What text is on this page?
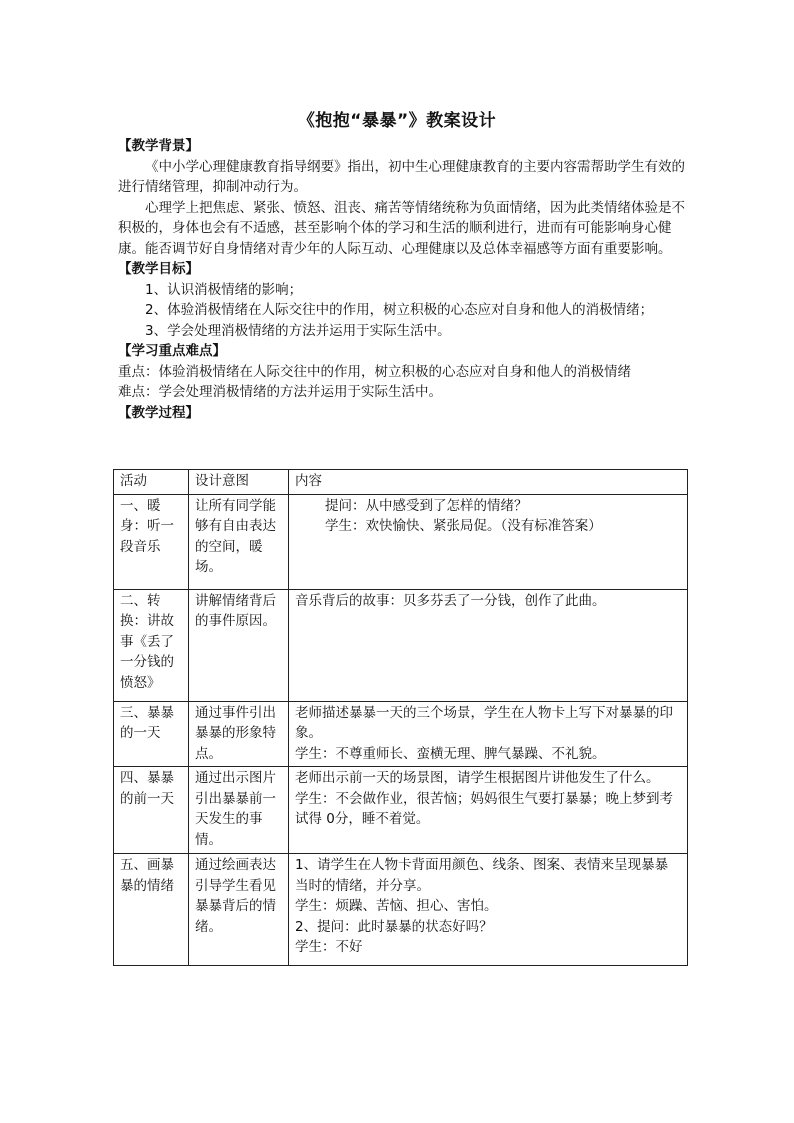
《抱抱“暴暴”》教案设计

【教学背景】

《中小学心理健康教育指导纲要》指出，初中生心理健康教育的主要内容需帮助学生有效的进行情绪管理，抑制冲动行为。

心理学上把焦虑、紧张、愤怒、沮丧、痛苦等情绪统称为负面情绪，因为此类情绪体验是不积极的，身体也会有不适感，甚至影响个体的学习和生活的顺利进行，进而有可能影响身心健康。能否调节好自身情绪对青少年的人际互动、心理健康以及总体幸福感等方面有重要影响。

【教学目标】

1、认识消极情绪的影响；

2、体验消极情绪在人际交往中的作用，树立积极的心态应对自身和他人的消极情绪；

3、学会处理消极情绪的方法并运用于实际生活中。

【学习重点难点】

重点：体验消极情绪在人际交往中的作用，树立积极的心态应对自身和他人的消极情绪

难点：学会处理消极情绪的方法并运用于实际生活中。

【教学过程】

活动	设计意图	内容
一、暖身：听一段音乐	让所有同学能够有自由表达的空间，暖场。	提问：从中感受到了怎样的情绪？
学生：欢快愉快、紧张局促。（没有标准答案）

二、转换：讲故事《丢了一分钱的愤怒》	讲解情绪背后的事件原因。	音乐背后的故事：贝多芬丢了一分钱，创作了此曲。

三、暴暴的一天	通过事件引出暴暴的形象特点。	老师描述暴暴一天的三个场景，学生在人物卡上写下对暴暴的印象。
学生：不尊重师长、蛮横无理、脾气暴躁、不礼貌。

四、暴暴的前一天	通过出示图片引出暴暴前一天发生的事情。	老师出示前一天的场景图，请学生根据图片讲他发生了什么。
学生：不会做作业，很苦恼；妈妈很生气要打暴暴；晚上梦到考试得 0分，睡不着觉。

五、画暴暴的情绪	通过绘画表达引导学生看见暴暴背后的情绪。	1、请学生在人物卡背面用颜色、线条、图案、表情来呈现暴暴当时的情绪，并分享。
学生：烦躁、苦恼、担心、害怕。
2、提问：此时暴暴的状态好吗？
学生：不好
